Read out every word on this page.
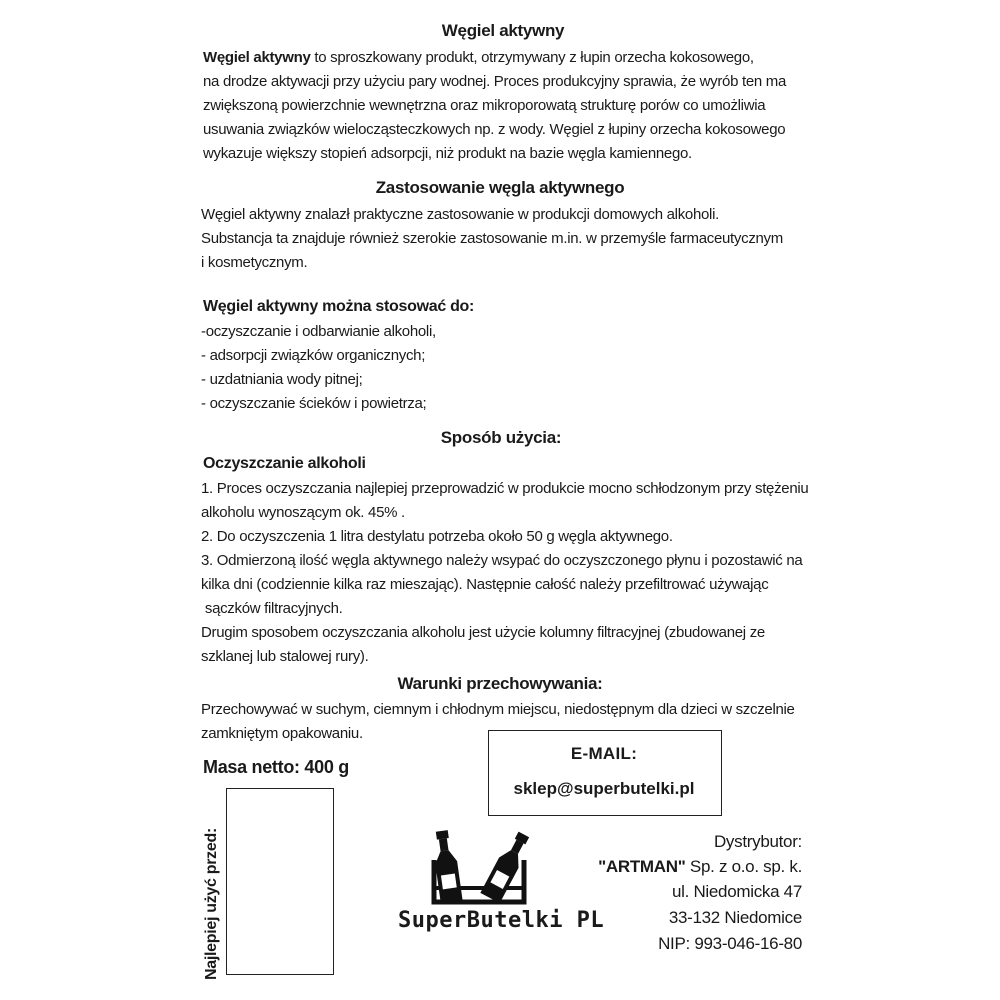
Węgiel aktywny
Węgiel aktywny to sproszkowany produkt, otrzymywany z łupin orzecha kokosowego,
na drodze aktywacji przy użyciu pary wodnej. Proces produkcyjny sprawia, że wyrób ten ma
zwiększoną powierzchnie wewnętrzna oraz mikroporowatą strukturę porów co umożliwia
usuwania związków wielocząsteczkowych np. z wody. Węgiel z łupiny orzecha kokosowego
wykazuje większy stopień adsorpcji, niż produkt na bazie węgla kamiennego.
Zastosowanie węgla aktywnego
Węgiel aktywny znalazł praktyczne zastosowanie w produkcji domowych alkoholi.
Substancja ta znajduje również szerokie zastosowanie m.in. w przemyśle farmaceutycznym
i kosmetycznym.
Węgiel aktywny można stosować do:
-oczyszczanie i odbarwianie alkoholi,
- adsorpcji związków organicznych;
- uzdatniania wody pitnej;
- oczyszczanie ścieków i powietrza;
Sposób użycia:
Oczyszczanie alkoholi
1. Proces oczyszczania najlepiej przeprowadzić w produkcie mocno schłodzonym przy stężeniu
alkoholu wynoszącym ok. 45% .
2. Do oczyszczenia 1 litra destylatu potrzeba około 50 g węgla aktywnego.
3. Odmierzoną ilość węgla aktywnego należy wsypać do oczyszczonego płynu i pozostawić na
kilka dni (codziennie kilka raz mieszając). Następnie całość należy przefiltrować używając
sączków filtracyjnych.
Drugim sposobem oczyszczania alkoholu jest użycie kolumny filtracyjnej (zbudowanej ze
szklanej lub stalowej rury).
Warunki przechowywania:
Przechowywać w suchym, ciemnym i chłodnym miejscu, niedostępnym dla dzieci w szczelnie
zamkniętym opakowaniu.
Masa netto: 400 g
E-MAIL:
sklep@superbutelki.pl
Najlepiej użyć przed:	SuperButelki PL
Dystrybutor:
"ARTMAN" Sp. z o.o. sp. k.
ul. Niedomicka 47
33-132 Niedomice
NIP: 993-046-16-80
